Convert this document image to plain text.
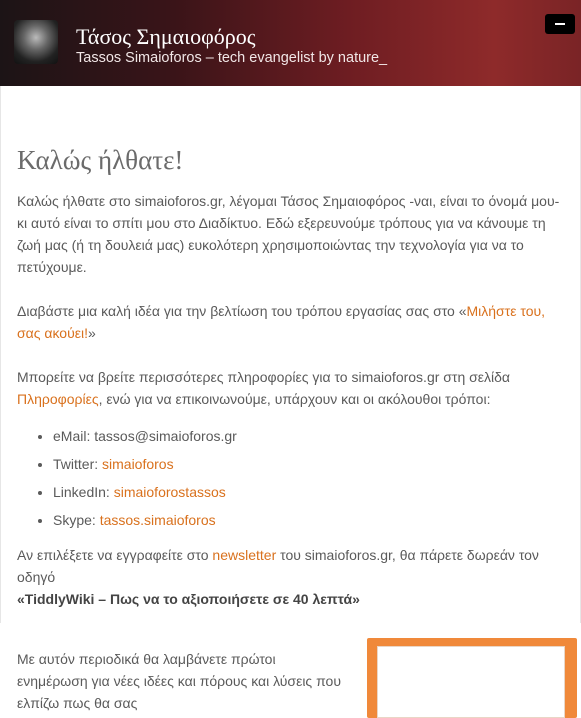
Τάσος Σημαιοφόρος
Tassos Simaioforos – tech evangelist by nature_
Καλώς ήλθατε!

Καλώς ήλθατε στο simaioforos.gr, λέγομαι Τάσος Σημαιοφόρος -ναι, είναι το όνομά μου- κι αυτό είναι το σπίτι μου στο Διαδίκτυο. Εδώ εξερευνούμε τρόπους για να κάνουμε τη ζωή μας (ή τη δουλειά μας) ευκολότερη χρησιμοποιώντας την τεχνολογία για να το πετύχουμε.

Διαβάστε μια καλή ιδέα για την βελτίωση του τρόπου εργασίας σας στο «Μιλήστε του, σας ακούει!»

Μπορείτε να βρείτε περισσότερες πληροφορίες για το simaioforos.gr στη σελίδα Πληροφορίες, ενώ για να επικοινωνούμε, υπάρχουν και οι ακόλουθοι τρόποι:

• eMail: tassos@simaioforos.gr
• Twitter: simaioforos
• LinkedIn: simaioforostassos
• Skype: tassos.simaioforos

Αν επιλέξετε να εγγραφείτε στο newsletter του simaioforos.gr, θα πάρετε δωρεάν τον οδηγό
«TiddlyWiki – Πως να το αξιοποιήσετε σε 40 λεπτά»

Με αυτόν περιοδικά θα λαμβάνετε πρώτοι ενημέρωση για νέες ιδέες και πόρους και λύσεις που ελπίζω πως θα σας
